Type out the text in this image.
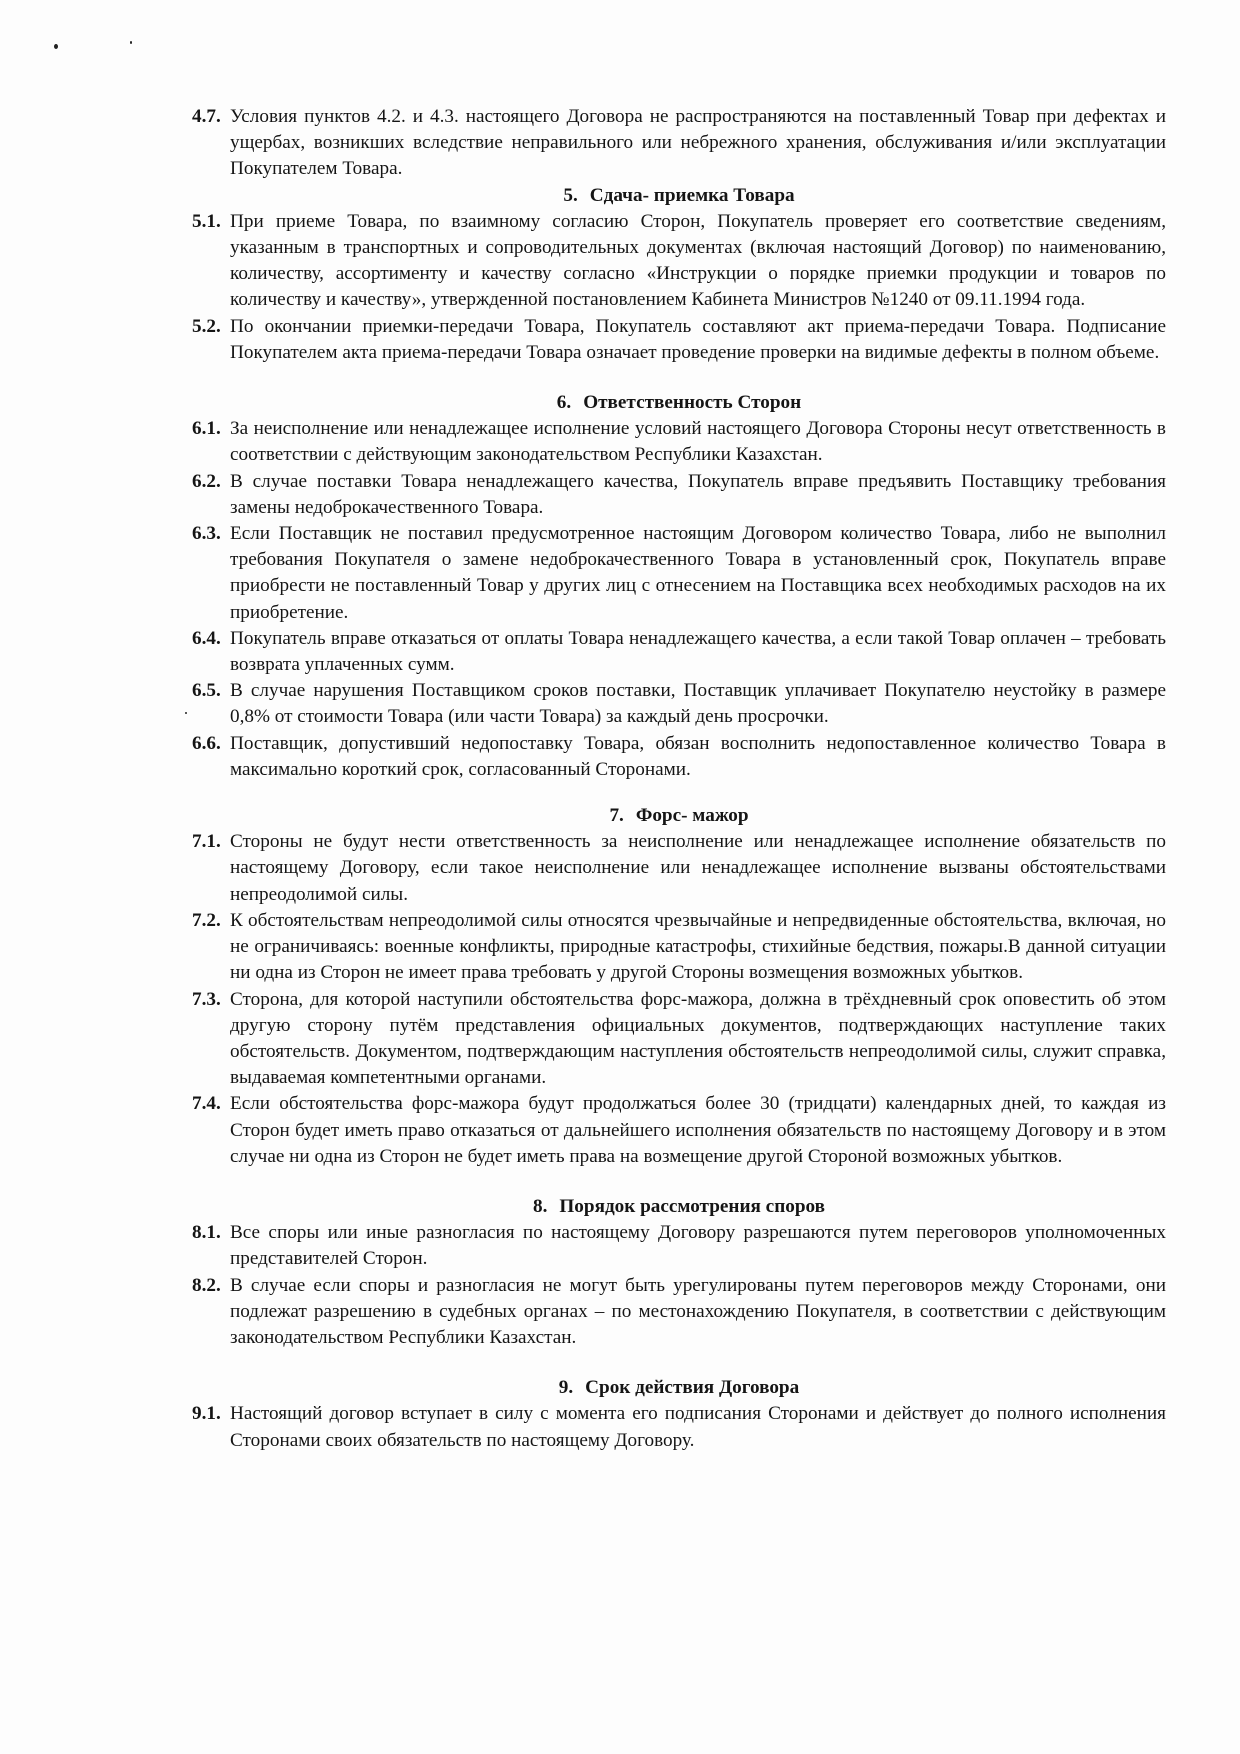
4.7. Условия пунктов 4.2. и 4.3. настоящего Договора не распространяются на поставленный Товар при дефектах и ущербах, возникших вследствие неправильного или небрежного хранения, обслуживания и/или эксплуатации Покупателем Товара.

5. Сдача- приемка Товара

5.1. При приеме Товара, по взаимному согласию Сторон, Покупатель проверяет его соответствие сведениям, указанным в транспортных и сопроводительных документах (включая настоящий Договор) по наименованию, количеству, ассортименту и качеству согласно «Инструкции о порядке приемки продукции и товаров по количеству и качеству», утвержденной постановлением Кабинета Министров №1240 от 09.11.1994 года.
5.2. По окончании приемки-передачи Товара, Покупатель составляют акт приема-передачи Товара. Подписание Покупателем акта приема-передачи Товара означает проведение проверки на видимые дефекты в полном объеме.

6. Ответственность Сторон

6.1. За неисполнение или ненадлежащее исполнение условий настоящего Договора Стороны несут ответственность в соответствии с действующим законодательством Республики Казахстан.
6.2. В случае поставки Товара ненадлежащего качества, Покупатель вправе предъявить Поставщику требования замены недоброкачественного Товара.
6.3. Если Поставщик не поставил предусмотренное настоящим Договором количество Товара, либо не выполнил требования Покупателя о замене недоброкачественного Товара в установленный срок, Покупатель вправе приобрести не поставленный Товар у других лиц с отнесением на Поставщика всех необходимых расходов на их приобретение.
6.4. Покупатель вправе отказаться от оплаты Товара ненадлежащего качества, а если такой Товар оплачен – требовать возврата уплаченных сумм.
6.5. В случае нарушения Поставщиком сроков поставки, Поставщик уплачивает Покупателю неустойку в размере 0,8% от стоимости Товара (или части Товара) за каждый день просрочки.
6.6. Поставщик, допустивший недопоставку Товара, обязан восполнить недопоставленное количество Товара в максимально короткий срок, согласованный Сторонами.

7. Форс- мажор

7.1. Стороны не будут нести ответственность за неисполнение или ненадлежащее исполнение обязательств по настоящему Договору, если такое неисполнение или ненадлежащее исполнение вызваны обстоятельствами непреодолимой силы.
7.2. К обстоятельствам непреодолимой силы относятся чрезвычайные и непредвиденные обстоятельства, включая, но не ограничиваясь: военные конфликты, природные катастрофы, стихийные бедствия, пожары.В данной ситуации ни одна из Сторон не имеет права требовать у другой Стороны возмещения возможных убытков.
7.3. Сторона, для которой наступили обстоятельства форс-мажора, должна в трёхдневный срок оповестить об этом другую сторону путём представления официальных документов, подтверждающих наступление таких обстоятельств. Документом, подтверждающим наступления обстоятельств непреодолимой силы, служит справка, выдаваемая компетентными органами.
7.4. Если обстоятельства форс-мажора будут продолжаться более 30 (тридцати) календарных дней, то каждая из Сторон будет иметь право отказаться от дальнейшего исполнения обязательств по настоящему Договору и в этом случае ни одна из Сторон не будет иметь права на возмещение другой Стороной возможных убытков.

8. Порядок рассмотрения споров

8.1. Все споры или иные разногласия по настоящему Договору разрешаются путем переговоров уполномоченных представителей Сторон.
8.2. В случае если споры и разногласия не могут быть урегулированы путем переговоров между Сторонами, они подлежат разрешению в судебных органах – по местонахождению Покупателя, в соответствии с действующим законодательством Республики Казахстан.

9. Срок действия Договора

9.1. Настоящий договор вступает в силу с момента его подписания Сторонами и действует до полного исполнения Сторонами своих обязательств по настоящему Договору.
